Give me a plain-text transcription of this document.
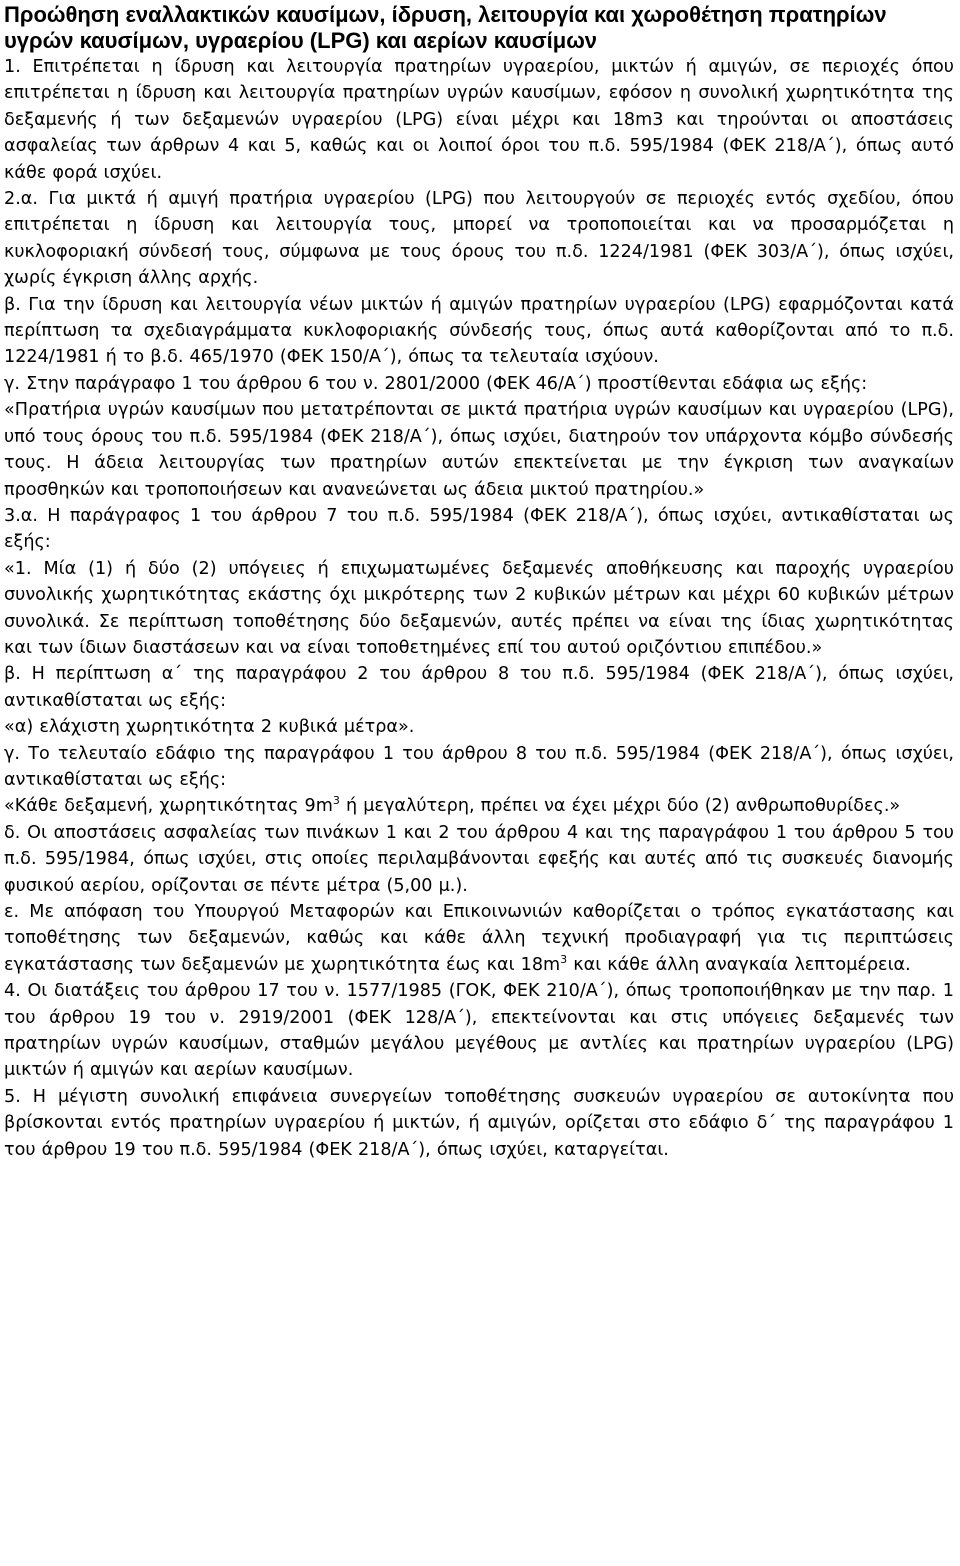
Προώθηση εναλλακτικών καυσίμων, ίδρυση, λειτουργία και χωροθέτηση πρατηρίων υγρών καυσίμων, υγραερίου (LPG) και αερίων καυσίμων

1. Επιτρέπεται η ίδρυση και λειτουργία πρατηρίων υγραερίου, μικτών ή αμιγών, σε περιοχές όπου επιτρέπεται η ίδρυση και λειτουργία πρατηρίων υγρών καυσίμων, εφόσον η συνολική χωρητικότητα της δεξαμενής ή των δεξαμενών υγραερίου (LPG) είναι μέχρι και 18m3 και τηρούνται οι αποστάσεις ασφαλείας των άρθρων 4 και 5, καθώς και οι λοιποί όροι του π.δ. 595/1984 (ΦΕΚ 218/Α΄), όπως αυτό κάθε φορά ισχύει.

2.α. Για μικτά ή αμιγή πρατήρια υγραερίου (LPG) που λειτουργούν σε περιοχές εντός σχεδίου, όπου επιτρέπεται η ίδρυση και λειτουργία τους, μπορεί να τροποποιείται και να προσαρμόζεται η κυκλοφοριακή σύνδεσή τους, σύμφωνα με τους όρους του π.δ. 1224/1981 (ΦΕΚ 303/Α΄), όπως ισχύει, χωρίς έγκριση άλλης αρχής.

β. Για την ίδρυση και λειτουργία νέων μικτών ή αμιγών πρατηρίων υγραερίου (LPG) εφαρμόζονται κατά περίπτωση τα σχεδιαγράμματα κυκλοφοριακής σύνδεσής τους, όπως αυτά καθορίζονται από το π.δ. 1224/1981 ή το β.δ. 465/1970 (ΦΕΚ 150/Α΄), όπως τα τελευταία ισχύουν.

γ. Στην παράγραφο 1 του άρθρου 6 του ν. 2801/2000 (ΦΕΚ 46/Α΄) προστίθενται εδάφια ως εξής:

«Πρατήρια υγρών καυσίμων που μετατρέπονται σε μικτά πρατήρια υγρών καυσίμων και υγραερίου (LPG), υπό τους όρους του π.δ. 595/1984 (ΦΕΚ 218/Α΄), όπως ισχύει, διατηρούν τον υπάρχοντα κόμβο σύνδεσής τους. Η άδεια λειτουργίας των πρατηρίων αυτών επεκτείνεται με την έγκριση των αναγκαίων προσθηκών και τροποποιήσεων και ανανεώνεται ως άδεια μικτού πρατηρίου.»

3.α. Η παράγραφος 1 του άρθρου 7 του π.δ. 595/1984 (ΦΕΚ 218/Α΄), όπως ισχύει, αντικαθίσταται ως εξής:

«1. Μία (1) ή δύο (2) υπόγειες ή επιχωματωμένες δεξαμενές αποθήκευσης και παροχής υγραερίου συνολικής χωρητικότητας εκάστης όχι μικρότερης των 2 κυβικών μέτρων και μέχρι 60 κυβικών μέτρων συνολικά. Σε περίπτωση τοποθέτησης δύο δεξαμενών, αυτές πρέπει να είναι της ίδιας χωρητικότητας και των ίδιων διαστάσεων και να είναι τοποθετημένες επί του αυτού οριζόντιου επιπέδου.»

β. Η περίπτωση α΄ της παραγράφου 2 του άρθρου 8 του π.δ. 595/1984 (ΦΕΚ 218/Α΄), όπως ισχύει, αντικαθίσταται ως εξής:

«α) ελάχιστη χωρητικότητα 2 κυβικά μέτρα».

γ. Το τελευταίο εδάφιο της παραγράφου 1 του άρθρου 8 του π.δ. 595/1984 (ΦΕΚ 218/Α΄), όπως ισχύει, αντικαθίσταται ως εξής:

«Κάθε δεξαμενή, χωρητικότητας $9m^3$ ή μεγαλύτερη, πρέπει να έχει μέχρι δύο (2) ανθρωποθυρίδες.»

δ. Οι αποστάσεις ασφαλείας των πινάκων 1 και 2 του άρθρου 4 και της παραγράφου 1 του άρθρου 5 του π.δ. 595/1984, όπως ισχύει, στις οποίες περιλαμβάνονται εφεξής και αυτές από τις συσκευές διανομής φυσικού αερίου, ορίζονται σε πέντε μέτρα (5,00 μ.).

ε. Με απόφαση του Υπουργού Μεταφορών και Επικοινωνιών καθορίζεται ο τρόπος εγκατάστασης και τοποθέτησης των δεξαμενών, καθώς και κάθε άλλη τεχνική προδιαγραφή για τις περιπτώσεις εγκατάστασης των δεξαμενών με χωρητικότητα έως και $18m^3$ και κάθε άλλη αναγκαία λεπτομέρεια.

4. Οι διατάξεις του άρθρου 17 του ν. 1577/1985 (ΓΟΚ, ΦΕΚ 210/Α΄), όπως τροποποιήθηκαν με την παρ. 1 του άρθρου 19 του ν. 2919/2001 (ΦΕΚ 128/Α΄), επεκτείνονται και στις υπόγειες δεξαμενές των πρατηρίων υγρών καυσίμων, σταθμών μεγάλου μεγέθους με αντλίες και πρατηρίων υγραερίου (LPG) μικτών ή αμιγών και αερίων καυσίμων.

5. Η μέγιστη συνολική επιφάνεια συνεργείων τοποθέτησης συσκευών υγραερίου σε αυτοκίνητα που βρίσκονται εντός πρατηρίων υγραερίου ή μικτών, ή αμιγών, ορίζεται στο εδάφιο δ΄ της παραγράφου 1 του άρθρου 19 του π.δ. 595/1984 (ΦΕΚ 218/Α΄), όπως ισχύει, καταργείται.
